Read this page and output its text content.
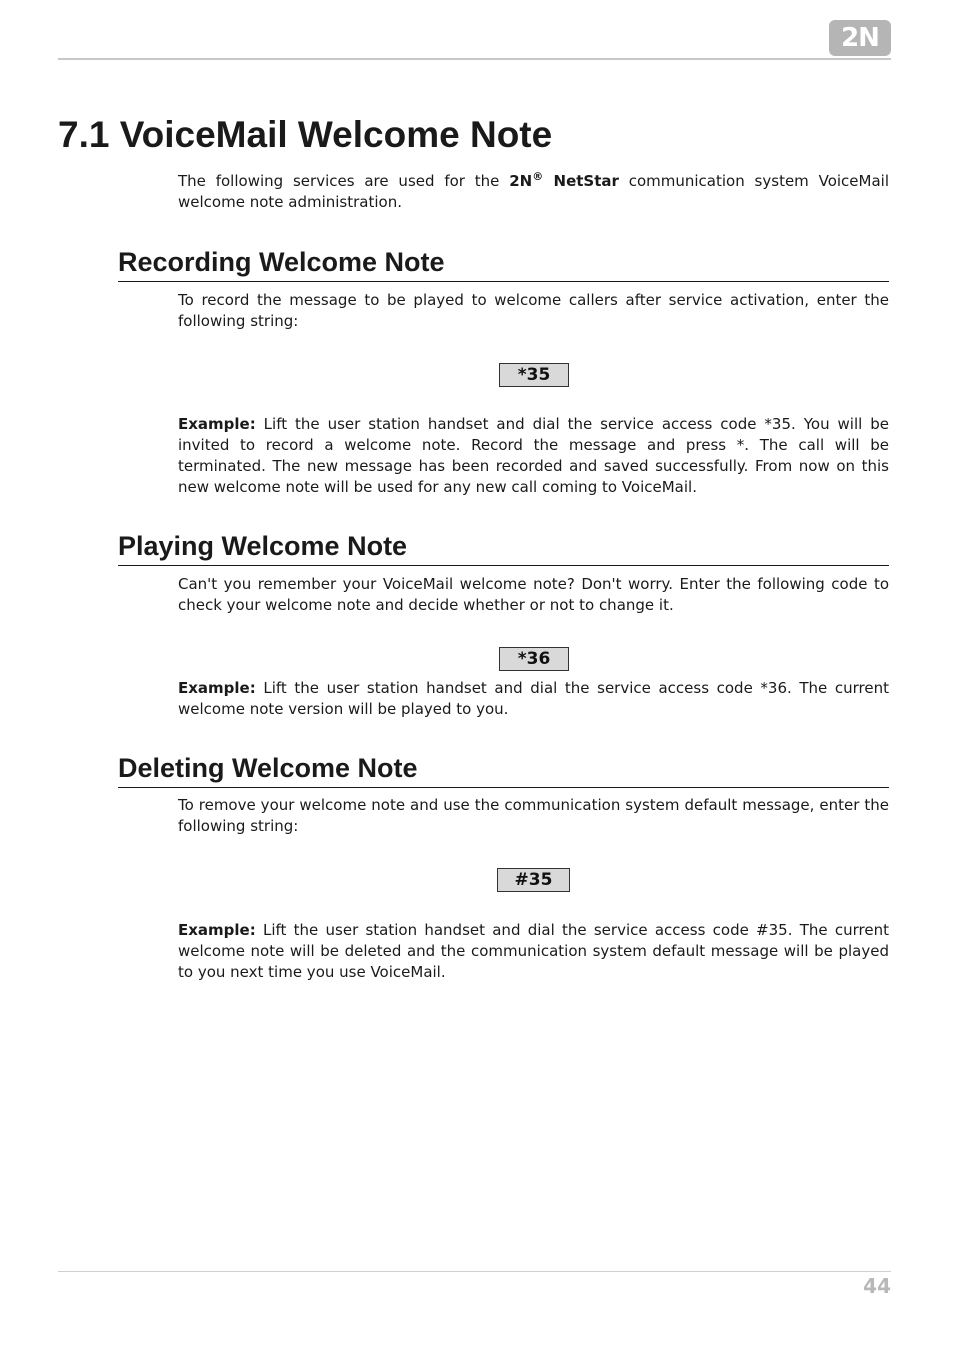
2N
7.1 VoiceMail Welcome Note

The following services are used for the 2N® NetStar communication system VoiceMail welcome note administration.

Recording Welcome Note

To record the message to be played to welcome callers after service activation, enter the following string:

*35

Example: Lift the user station handset and dial the service access code *35. You will be invited to record a welcome note. Record the message and press *. The call will be terminated. The new message has been recorded and saved successfully. From now on this new welcome note will be used for any new call coming to VoiceMail.

Playing Welcome Note

Can't you remember your VoiceMail welcome note? Don't worry. Enter the following code to check your welcome note and decide whether or not to change it.

*36

Example: Lift the user station handset and dial the service access code *36. The current welcome note version will be played to you.

Deleting Welcome Note

To remove your welcome note and use the communication system default message, enter the following string:

#35

Example: Lift the user station handset and dial the service access code #35. The current welcome note will be deleted and the communication system default message will be played to you next time you use VoiceMail.

44
